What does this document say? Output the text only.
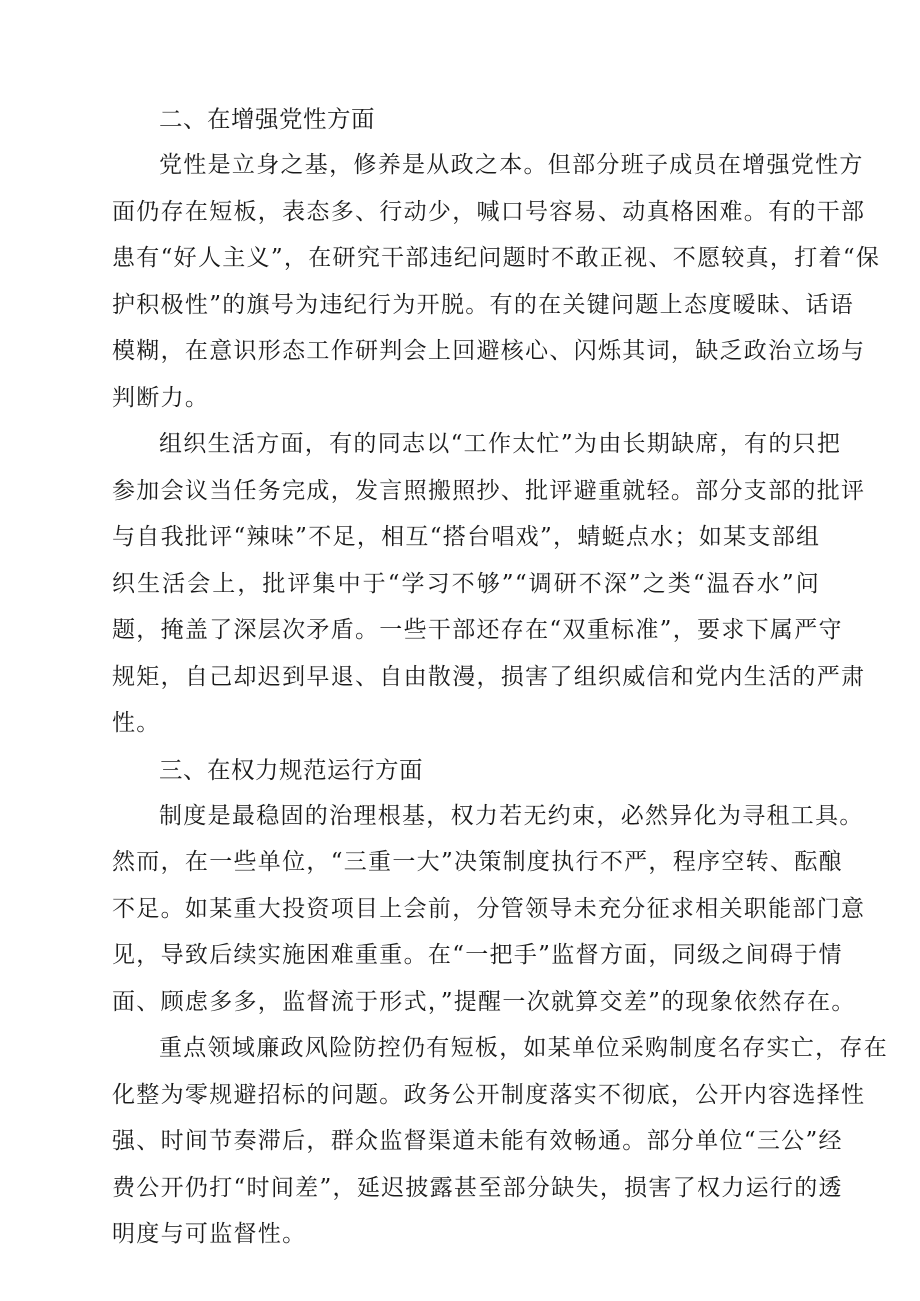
二、在增强党性方面

党性是立身之基，修养是从政之本。但部分班子成员在增强党性方
面仍存在短板，表态多、行动少，喊口号容易、动真格困难。有的干部
患有“好人主义”，在研究干部违纪问题时不敢正视、不愿较真，打着“保
护积极性”的旗号为违纪行为开脱。有的在关键问题上态度暧昧、话语
模糊，在意识形态工作研判会上回避核心、闪烁其词，缺乏政治立场与
判断力。

组织生活方面，有的同志以“工作太忙”为由长期缺席，有的只把
参加会议当任务完成，发言照搬照抄、批评避重就轻。部分支部的批评
与自我批评“辣味”不足，相互“搭台唱戏”，蜻蜓点水；如某支部组
织生活会上，批评集中于“学习不够”“调研不深”之类“温吞水”问
题，掩盖了深层次矛盾。一些干部还存在“双重标准”，要求下属严守
规矩，自己却迟到早退、自由散漫，损害了组织威信和党内生活的严肃
性。

三、在权力规范运行方面

制度是最稳固的治理根基，权力若无约束，必然异化为寻租工具。
然而，在一些单位，“三重一大”决策制度执行不严，程序空转、酝酿
不足。如某重大投资项目上会前，分管领导未充分征求相关职能部门意
见，导致后续实施困难重重。在“一把手”监督方面，同级之间碍于情
面、顾虑多多，监督流于形式，”提醒一次就算交差”的现象依然存在。

重点领域廉政风险防控仍有短板，如某单位采购制度名存实亡，存在
化整为零规避招标的问题。政务公开制度落实不彻底，公开内容选择性
强、时间节奏滞后，群众监督渠道未能有效畅通。部分单位“三公”经
费公开仍打“时间差”，延迟披露甚至部分缺失，损害了权力运行的透
明度与可监督性。
